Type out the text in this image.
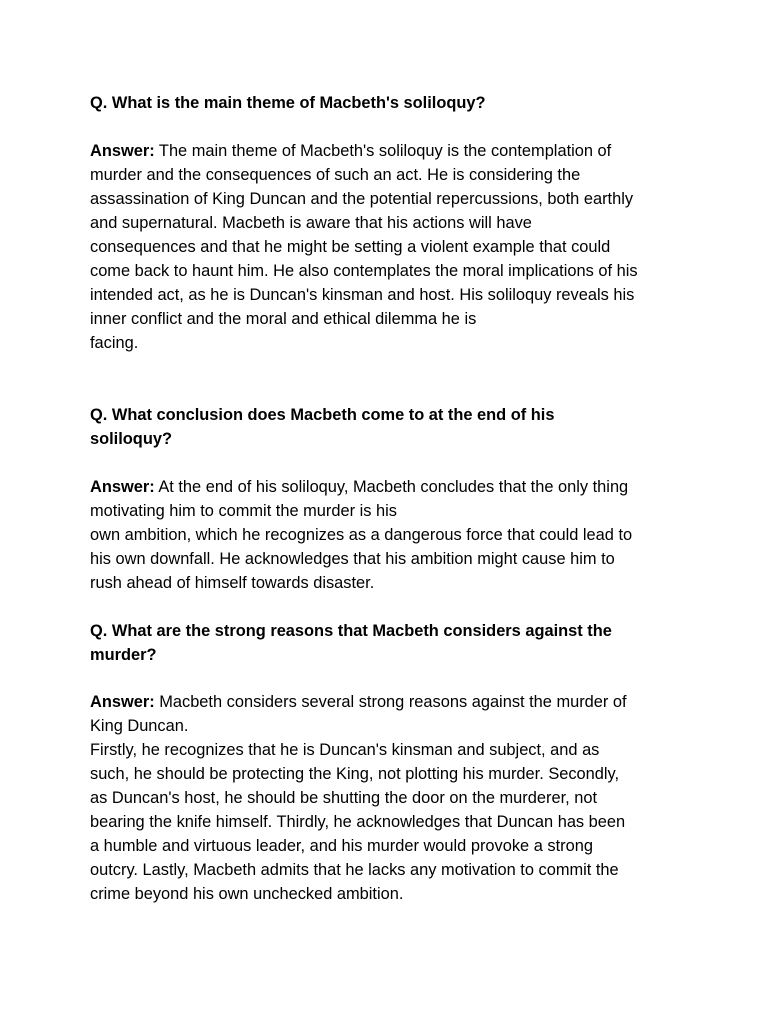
Q. What is the main theme of Macbeth's soliloquy?
Answer: The main theme of Macbeth's soliloquy is the contemplation of
murder and the consequences of such an act. He is considering the
assassination of King Duncan and the potential repercussions, both earthly
and supernatural. Macbeth is aware that his actions will have
consequences and that he might be setting a violent example that could
come back to haunt him. He also contemplates the moral implications of his
intended act, as he is Duncan's kinsman and host. His soliloquy reveals his
inner conflict and the moral and ethical dilemma he is
facing.
Q. What conclusion does Macbeth come to at the end of his
soliloquy?
Answer: At the end of his soliloquy, Macbeth concludes that the only thing
motivating him to commit the murder is his
own ambition, which he recognizes as a dangerous force that could lead to
his own downfall. He acknowledges that his ambition might cause him to
rush ahead of himself towards disaster.
Q. What are the strong reasons that Macbeth considers against the
murder?
Answer: Macbeth considers several strong reasons against the murder of
King Duncan.
Firstly, he recognizes that he is Duncan's kinsman and subject, and as
such, he should be protecting the King, not plotting his murder. Secondly,
as Duncan's host, he should be shutting the door on the murderer, not
bearing the knife himself. Thirdly, he acknowledges that Duncan has been
a humble and virtuous leader, and his murder would provoke a strong
outcry. Lastly, Macbeth admits that he lacks any motivation to commit the
crime beyond his own unchecked ambition.
